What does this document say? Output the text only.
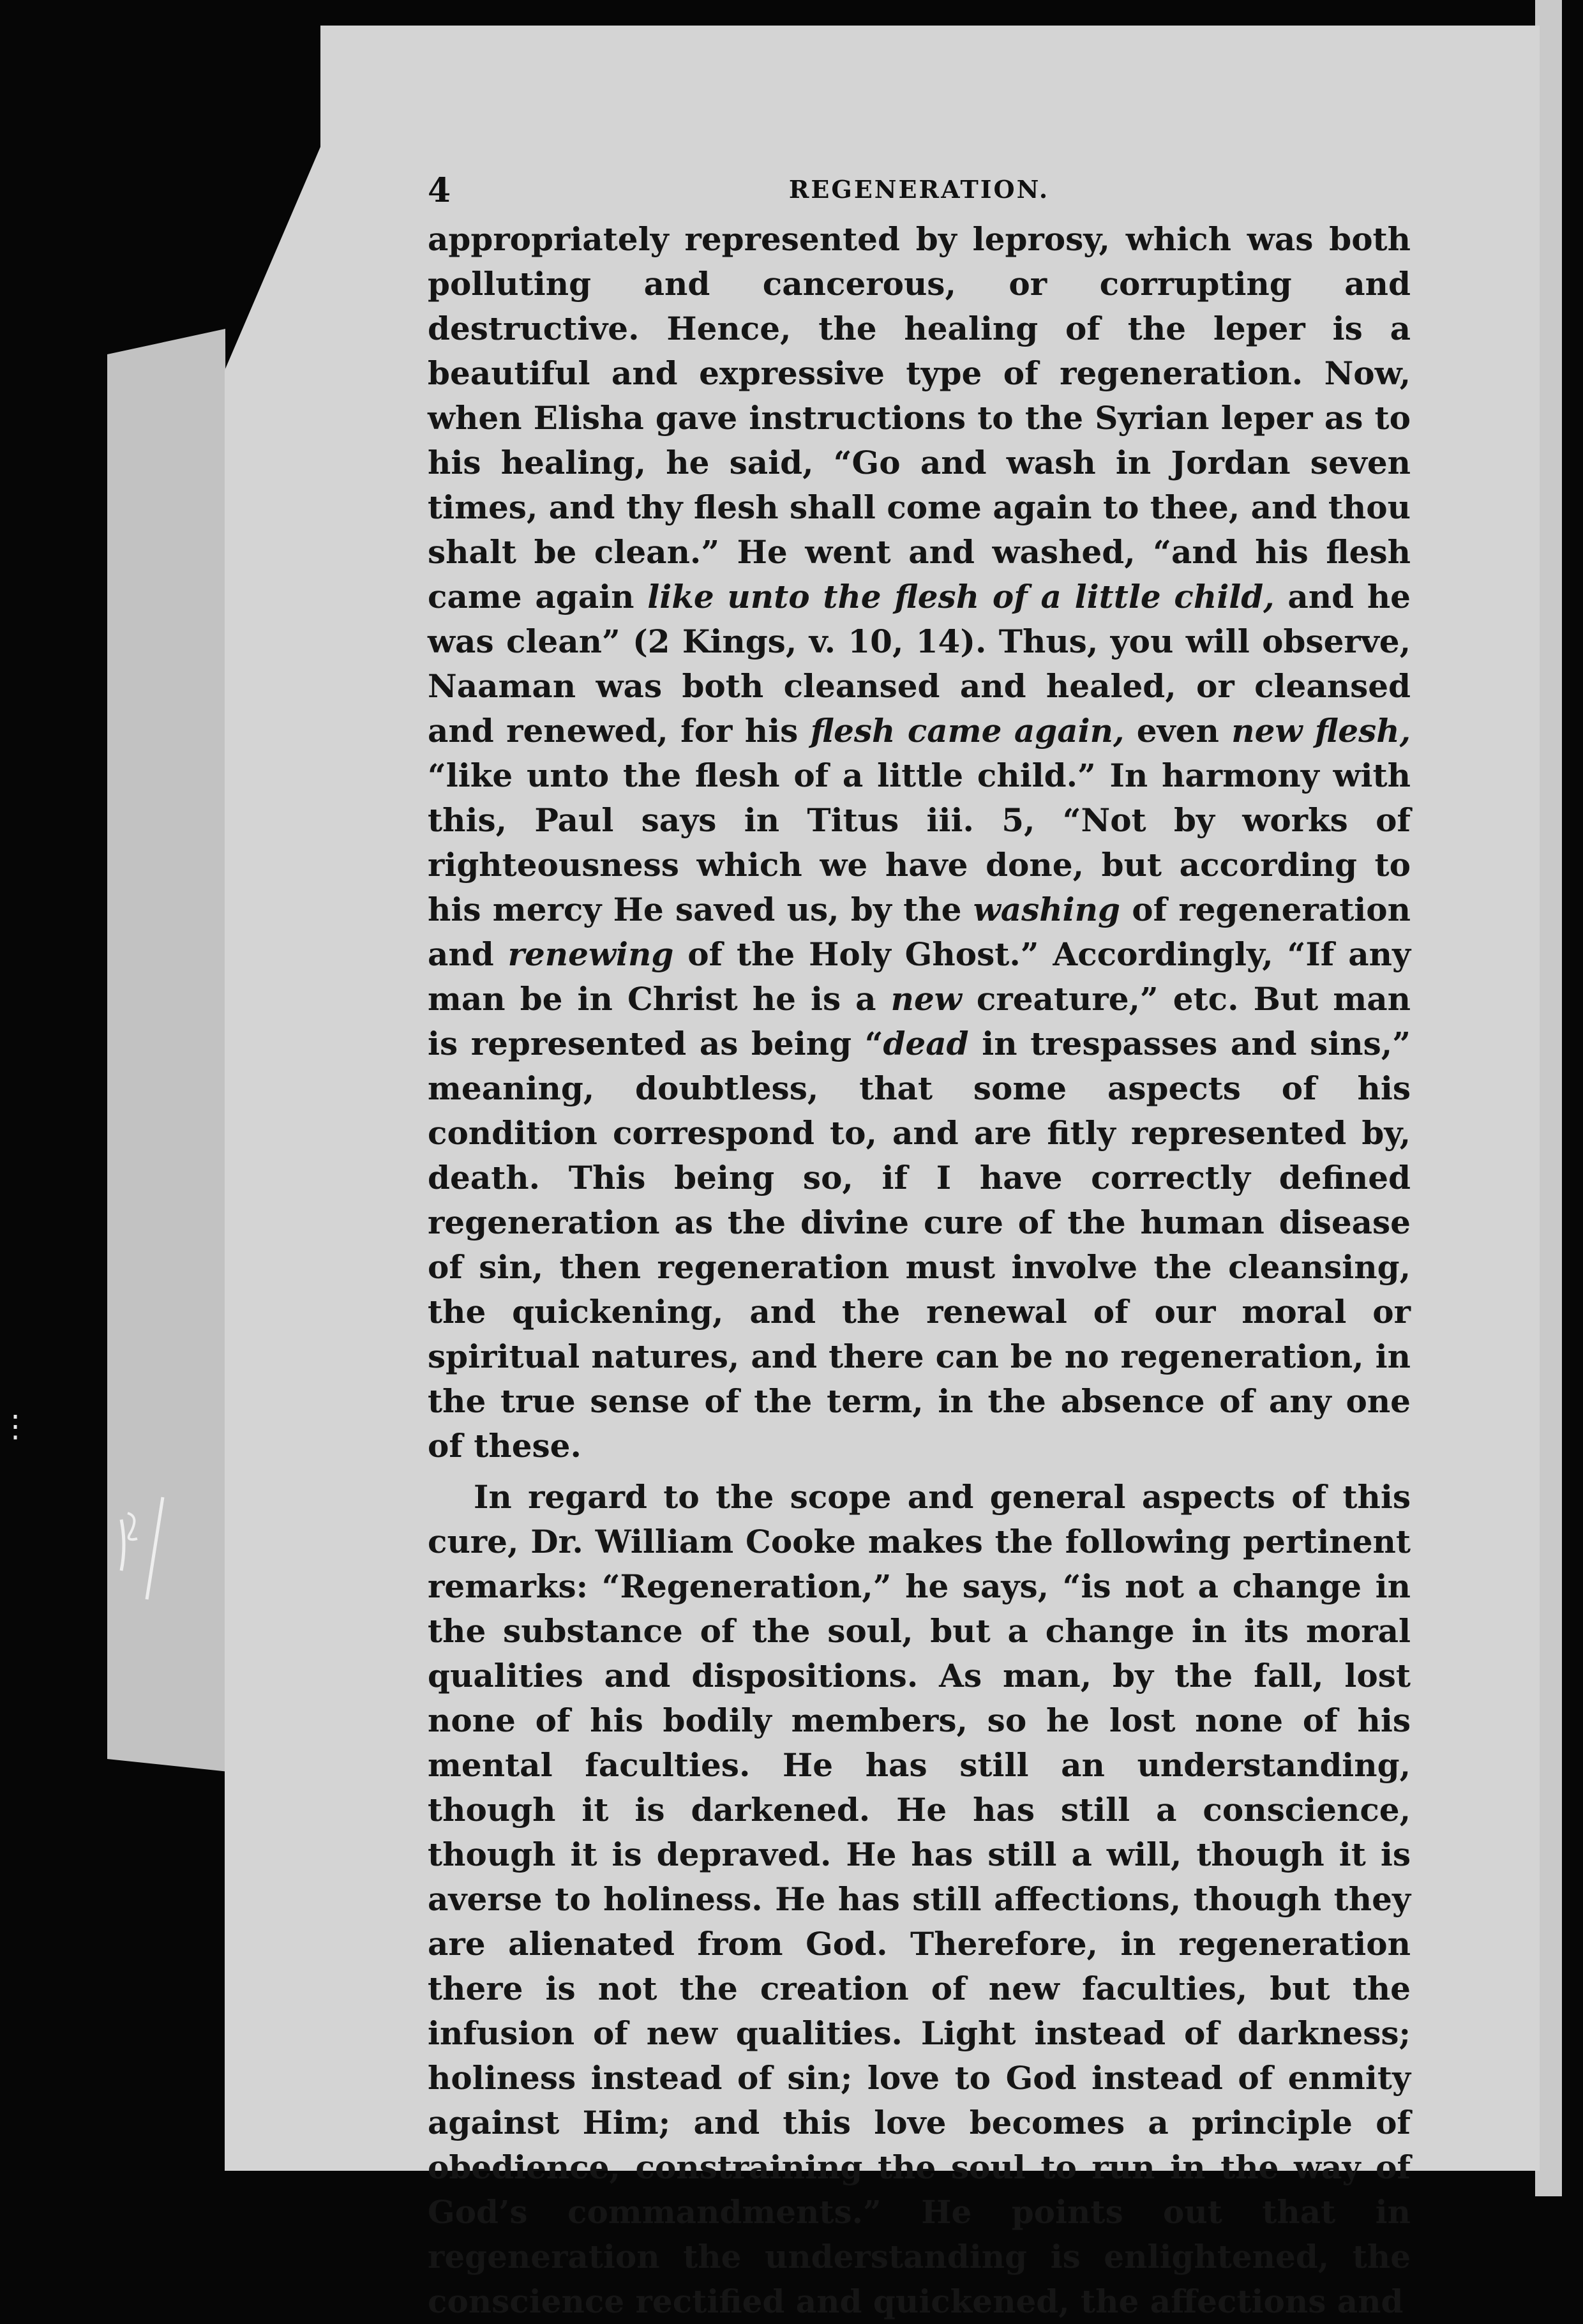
⋮
4	REGENERATION.

appropriately represented by leprosy, which was both polluting and cancerous, or corrupting and destructive. Hence, the healing of the leper is a beautiful and expressive type of regeneration. Now, when Elisha gave instructions to the Syrian leper as to his healing, he said, “Go and wash in Jordan seven times, and thy flesh shall come again to thee, and thou shalt be clean.” He went and washed, “and his flesh came again like unto the flesh of a little child, and he was clean” (2 Kings, v. 10, 14). Thus, you will observe, Naaman was both cleansed and healed, or cleansed and renewed, for his flesh came again, even new flesh, “like unto the flesh of a little child.” In harmony with this, Paul says in Titus iii. 5, “Not by works of righteousness which we have done, but according to his mercy He saved us, by the washing of regeneration and renewing of the Holy Ghost.” Accordingly, “If any man be in Christ he is a new creature,” etc. But man is represented as being “dead in trespasses and sins,” meaning, doubtless, that some aspects of his condition correspond to, and are fitly represented by, death. This being so, if I have correctly defined regeneration as the divine cure of the human disease of sin, then regeneration must involve the cleansing, the quickening, and the renewal of our moral or spiritual natures, and there can be no regeneration, in the true sense of the term, in the absence of any one of these.

In regard to the scope and general aspects of this cure, Dr. William Cooke makes the following pertinent remarks: “Regeneration,” he says, “is not a change in the substance of the soul, but a change in its moral qualities and dispositions. As man, by the fall, lost none of his bodily members, so he lost none of his mental faculties. He has still an understanding, though it is darkened. He has still a conscience, though it is depraved. He has still a will, though it is averse to holiness. He has still affections, though they are alienated from God. Therefore, in regeneration there is not the creation of new faculties, but the infusion of new qualities. Light instead of darkness; holiness instead of sin; love to God instead of enmity against Him; and this love becomes a principle of obedience, constraining the soul to run in the way of God’s commandments.” He points out that in regeneration the understanding is enlightened, the conscience rectified and quickened, the affections and
